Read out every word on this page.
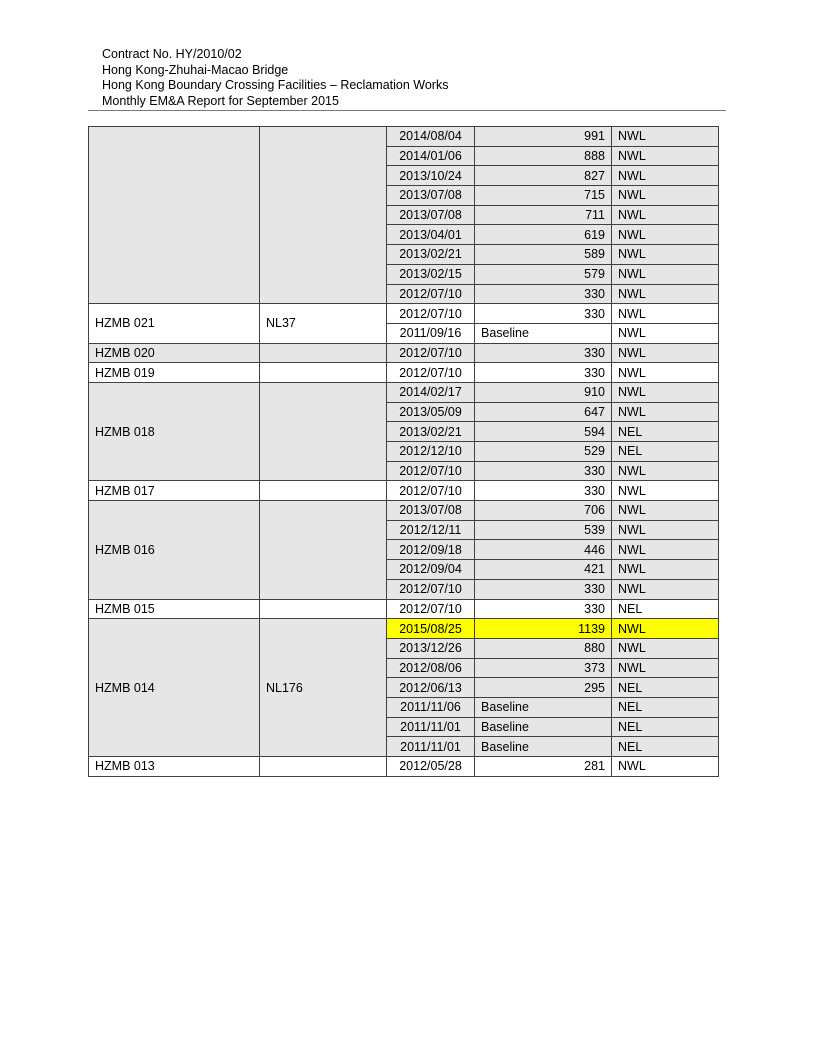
Contract No. HY/2010/02
Hong Kong-Zhuhai-Macao Bridge
Hong Kong Boundary Crossing Facilities – Reclamation Works
Monthly EM&A Report for September 2015
		2014/08/04	991	NWL
		2014/01/06	888	NWL
		2013/10/24	827	NWL
		2013/07/08	715	NWL
		2013/07/08	711	NWL
		2013/04/01	619	NWL
		2013/02/21	589	NWL
		2013/02/15	579	NWL
		2012/07/10	330	NWL
HZMB 021	NL37	2012/07/10	330	NWL
		2011/09/16	Baseline	NWL
HZMB 020		2012/07/10	330	NWL
HZMB 019		2012/07/10	330	NWL
HZMB 018		2014/02/17	910	NWL
		2013/05/09	647	NWL
		2013/02/21	594	NEL
		2012/12/10	529	NEL
		2012/07/10	330	NWL
HZMB 017		2012/07/10	330	NWL
HZMB 016		2013/07/08	706	NWL
		2012/12/11	539	NWL
		2012/09/18	446	NWL
		2012/09/04	421	NWL
		2012/07/10	330	NWL
HZMB 015		2012/07/10	330	NEL
HZMB 014	NL176	2015/08/25	1139	NWL
		2013/12/26	880	NWL
		2012/08/06	373	NWL
		2012/06/13	295	NEL
		2011/11/06	Baseline	NEL
		2011/11/01	Baseline	NEL
		2011/11/01	Baseline	NEL
HZMB 013		2012/05/28	281	NWL
